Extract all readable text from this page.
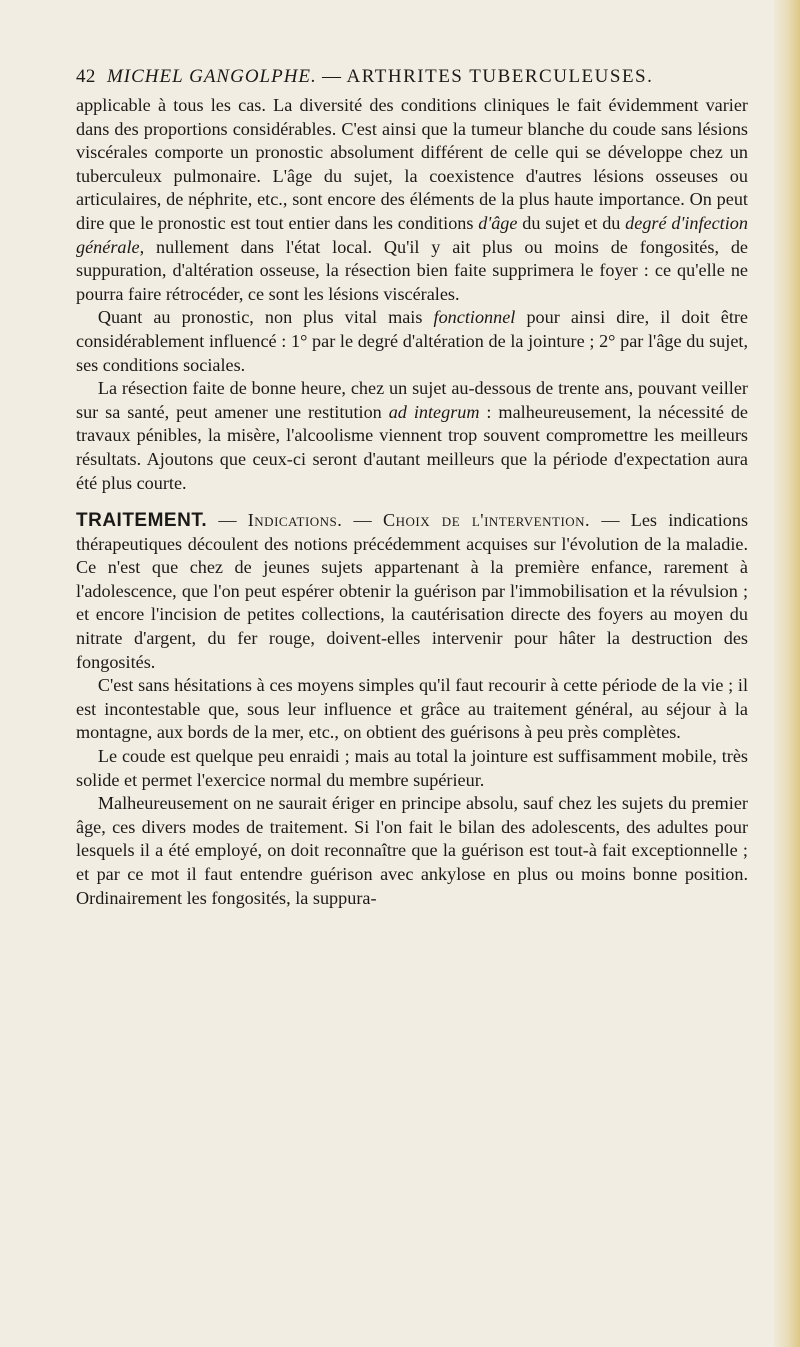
42 MICHEL GANGOLPHE. — ARTHRITES TUBERCULEUSES.

applicable à tous les cas. La diversité des conditions cliniques le fait évidemment varier dans des proportions considérables. C'est ainsi que la tumeur blanche du coude sans lésions viscérales comporte un pronostic absolument différent de celle qui se développe chez un tuberculeux pulmonaire. L'âge du sujet, la coexistence d'autres lésions osseuses ou articulaires, de néphrite, etc., sont encore des éléments de la plus haute importance. On peut dire que le pronostic est tout entier dans les conditions d'âge du sujet et du degré d'infection générale, nullement dans l'état local. Qu'il y ait plus ou moins de fongosités, de suppuration, d'altération osseuse, la résection bien faite supprimera le foyer : ce qu'elle ne pourra faire rétrocéder, ce sont les lésions viscérales.

Quant au pronostic, non plus vital mais fonctionnel pour ainsi dire, il doit être considérablement influencé : 1° par le degré d'altération de la jointure ; 2° par l'âge du sujet, ses conditions sociales.

La résection faite de bonne heure, chez un sujet au-dessous de trente ans, pouvant veiller sur sa santé, peut amener une restitution ad integrum : malheureusement, la nécessité de travaux pénibles, la misère, l'alcoolisme viennent trop souvent compromettre les meilleurs résultats. Ajoutons que ceux-ci seront d'autant meilleurs que la période d'expectation aura été plus courte.

TRAITEMENT. — Indications. — Choix de l'intervention. — Les indications thérapeutiques découlent des notions précédemment acquises sur l'évolution de la maladie. Ce n'est que chez de jeunes sujets appartenant à la première enfance, rarement à l'adolescence, que l'on peut espérer obtenir la guérison par l'immobilisation et la révulsion ; et encore l'incision de petites collections, la cautérisation directe des foyers au moyen du nitrate d'argent, du fer rouge, doivent-elles intervenir pour hâter la destruction des fongosités.

C'est sans hésitations à ces moyens simples qu'il faut recourir à cette période de la vie ; il est incontestable que, sous leur influence et grâce au traitement général, au séjour à la montagne, aux bords de la mer, etc., on obtient des guérisons à peu près complètes.

Le coude est quelque peu enraidi ; mais au total la jointure est suffisamment mobile, très solide et permet l'exercice normal du membre supérieur.

Malheureusement on ne saurait ériger en principe absolu, sauf chez les sujets du premier âge, ces divers modes de traitement. Si l'on fait le bilan des adolescents, des adultes pour lesquels il a été employé, on doit reconnaître que la guérison est tout-à fait exceptionnelle ; et par ce mot il faut entendre guérison avec ankylose en plus ou moins bonne position. Ordinairement les fongosités, la suppura-
